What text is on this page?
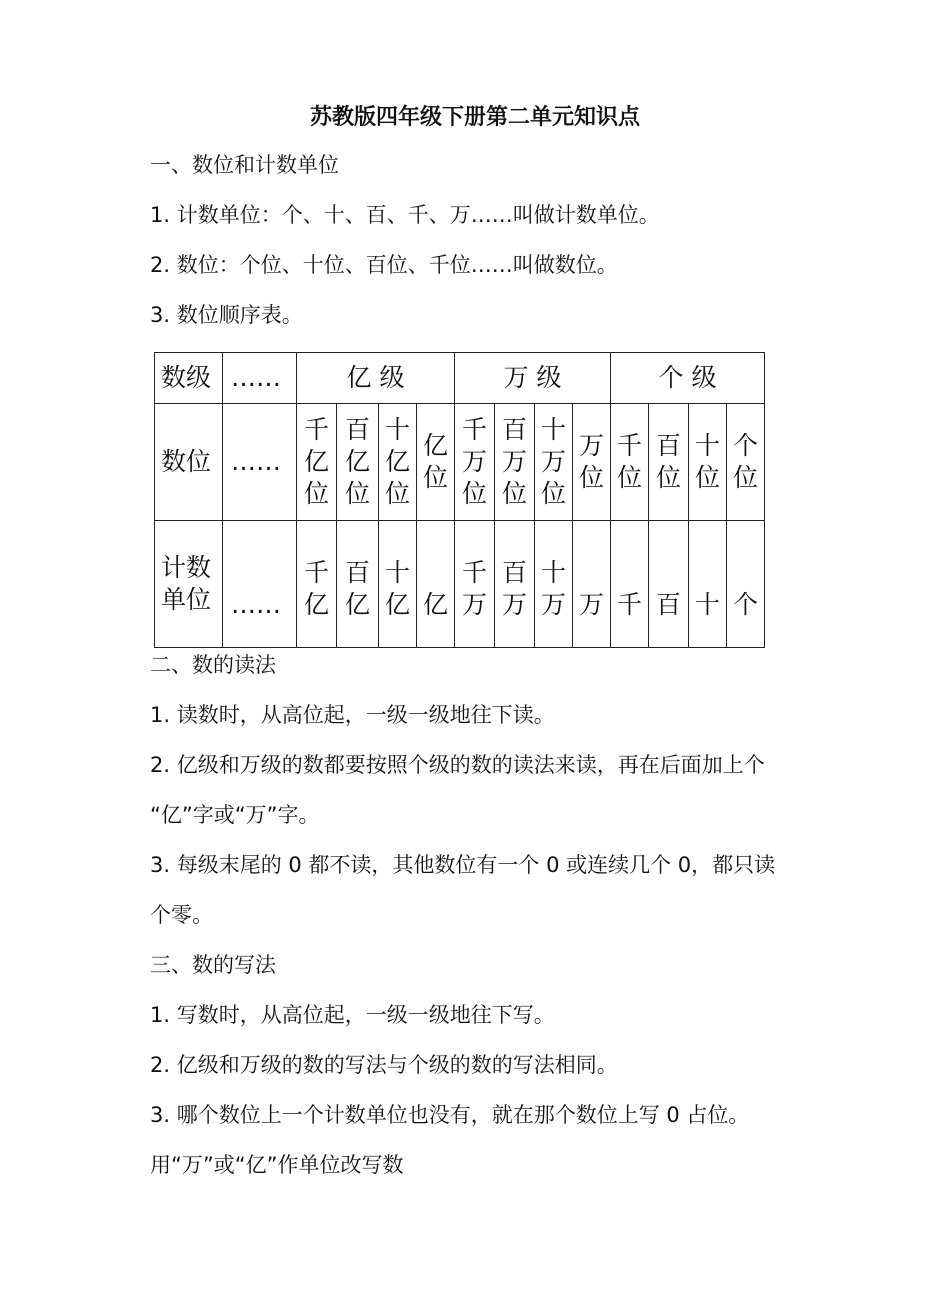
苏教版四年级下册第二单元知识点
一、数位和计数单位
1. 计数单位：个、十、百、千、万……叫做计数单位。
2. 数位：个位、十位、百位、千位……叫做数位。
3. 数位顺序表。
数级	……	亿 级				万 级				个 级			
数位	……	千亿位	百亿位	十亿位	亿位	千万位	百万位	十万位	万位	千位	百位	十位	个位
计数单位	……	千亿	百亿	十亿	亿	千万	百万	十万	万	千	百	十	个
二、数的读法
1. 读数时，从高位起，一级一级地往下读。
2. 亿级和万级的数都要按照个级的数的读法来读，再在后面加上个
“亿”字或“万”字。
3. 每级末尾的 0 都不读，其他数位有一个 0 或连续几个 0，都只读
个零。
三、数的写法
1. 写数时，从高位起，一级一级地往下写。
2. 亿级和万级的数的写法与个级的数的写法相同。
3. 哪个数位上一个计数单位也没有，就在那个数位上写 0 占位。
用“万”或“亿”作单位改写数
